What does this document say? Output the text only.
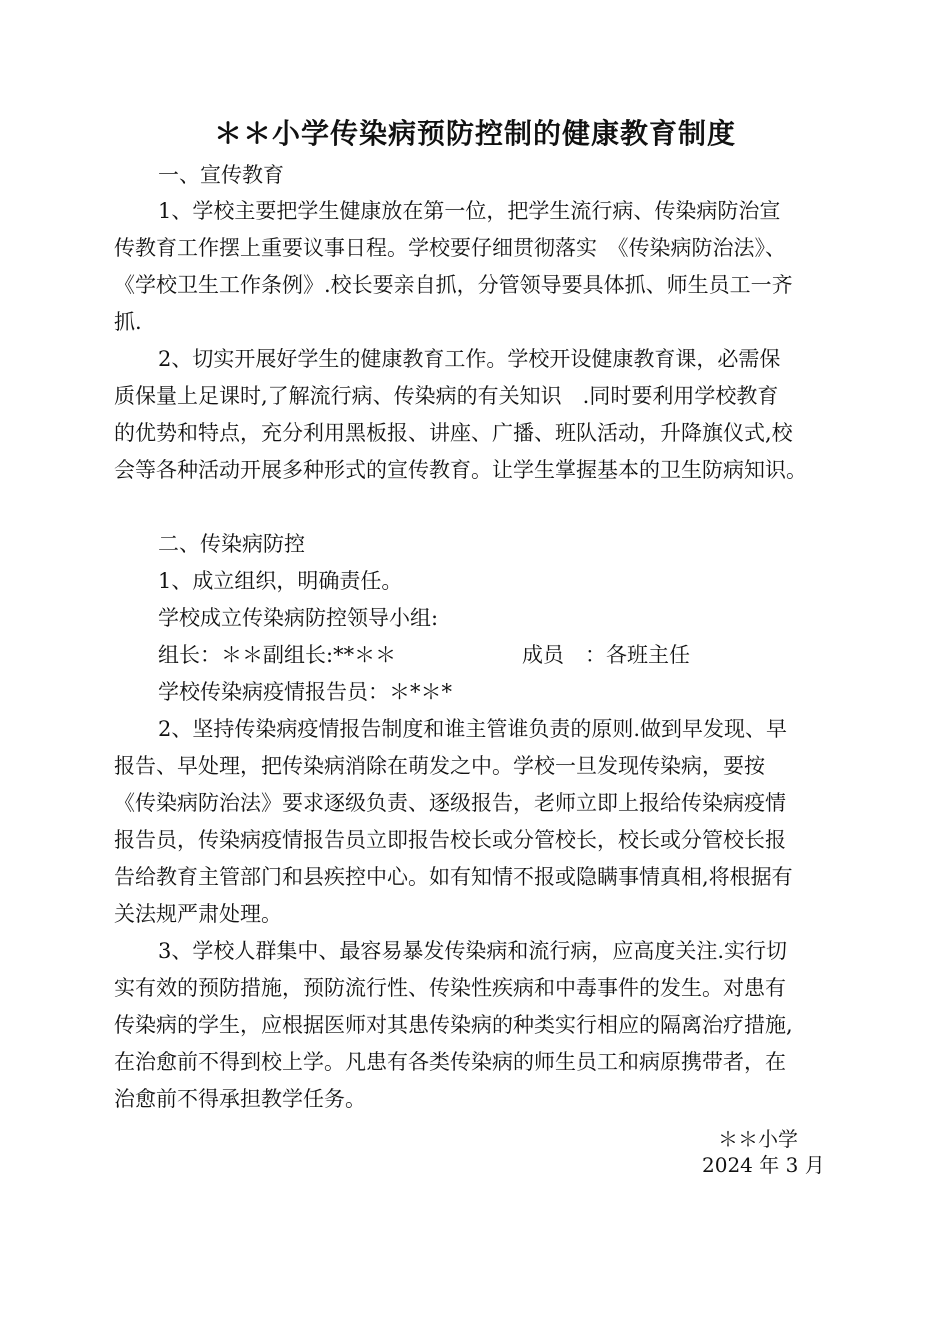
＊＊小学传染病预防控制的健康教育制度
一、宣传教育
1、学校主要把学生健康放在第一位，把学生流行病、传染病防治宣
传教育工作摆上重要议事日程。学校要仔细贯彻落实　《传染病防治法》、
《学校卫生工作条例》.校长要亲自抓，分管领导要具体抓、师生员工一齐
抓.
2、切实开展好学生的健康教育工作。学校开设健康教育课，必需保
质保量上足课时,了解流行病、传染病的有关知识　.同时要利用学校教育
的优势和特点，充分利用黑板报、讲座、广播、班队活动，升降旗仪式,校
会等各种活动开展多种形式的宣传教育。让学生掌握基本的卫生防病知识。
二、传染病防控
1、成立组织，明确责任。
学校成立传染病防控领导小组:
组长：＊＊副组长:**＊＊	成员　：各班主任
学校传染病疫情报告员：＊*＊*
2、坚持传染病疫情报告制度和谁主管谁负责的原则.做到早发现、早
报告、早处理，把传染病消除在萌发之中。学校一旦发现传染病，要按
《传染病防治法》要求逐级负责、逐级报告，老师立即上报给传染病疫情
报告员，传染病疫情报告员立即报告校长或分管校长，校长或分管校长报
告给教育主管部门和县疾控中心。如有知情不报或隐瞒事情真相,将根据有
关法规严肃处理。
3、学校人群集中、最容易暴发传染病和流行病，应高度关注.实行切
实有效的预防措施，预防流行性、传染性疾病和中毒事件的发生。对患有
传染病的学生，应根据医师对其患传染病的种类实行相应的隔离治疗措施,
在治愈前不得到校上学。凡患有各类传染病的师生员工和病原携带者，在
治愈前不得承担教学任务。
＊＊小学
2024 年 3 月
